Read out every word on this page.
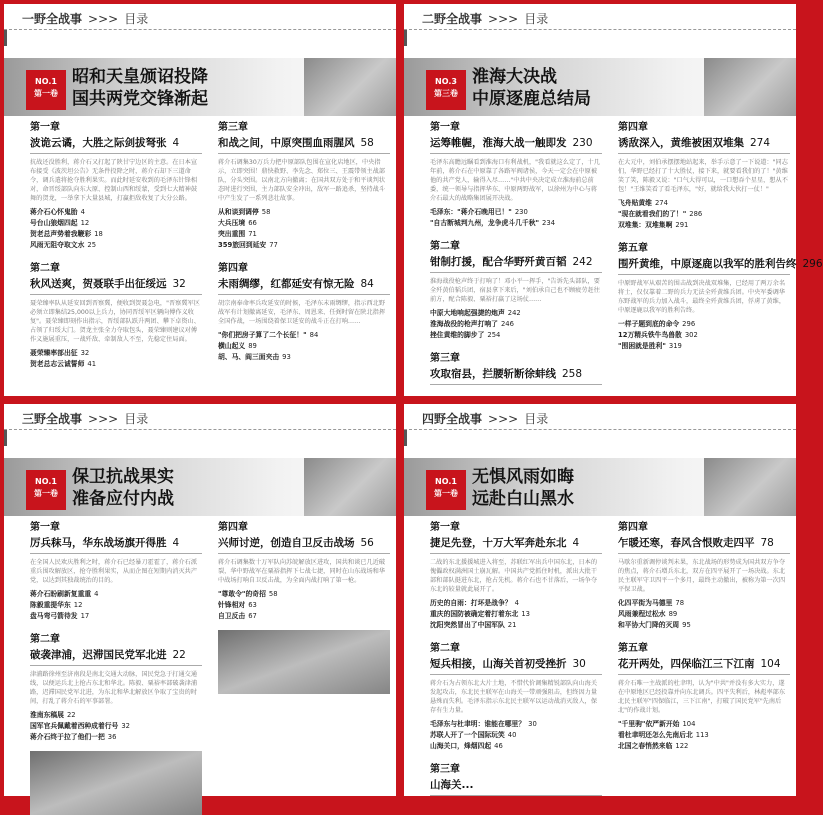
一野全战事 >>> 目录
NO.1
第一卷
昭和天皇颁诏投降
国共两党交锋渐起
第一章
波诡云谲，大胜之际剑拔弩张 4
抗战还没胜利，蒋介石又打起了陕甘宁边区的主意。在日本宣布接受《波茨坦公告》无条件投降之时，蒋介石却下三道命令，调兵遣将抢夺胜利果实。而此时延安收到的毛泽东针锋相对，命晋绥部队向东大原、控制山西和绥蒙，受到七大精神鼓舞的贺龙，一举拿下大量县城，打赢拒敌收复了大分公路。
蒋介石心怀鬼胎 4
号台山狼烟四起 12
贺老总声势着我鞭彩 18
风雨无阻夺取文水 25
第二章
秋风送爽，贺聂联手出征绥远 32
聂荣臻率队从延安回到晋察冀，便收到贺聂急电，"晋察冀军区必须立即集结25,000以上兵力，协同晋绥军区辆向傅作义收复"。聂荣臻即刻作出指示，晋绥部队跃升两团、攀下卓资山、占领了归绥大门。贺龙主张全力夺取包头，聂荣臻则建议对傅作义施展重压，一战歼敌、牵制敌人不至，先稳定住局面。
聂荣臻率部出征 32
贺老总志云诚誓师 41
第三章
和战之间，中原突围血雨腥风 58
蒋介石调集30万兵力把中原部队包围在宣化店地区，中央指示，立即突围！鼎快救野、李先念、郑位三、王震带领主战部队，分头突围。以南北方向撤离；在国共双方处于和平谈判状态时进行突围，主力部队安全冲出，敌军一路追杀，坚持战斗中产生发了一系列悲壮故事。
从和谈到调停 58
大兵压境 66
突出重围 71
359旅回到延安 77
第四章
未雨绸缪，红都延安有惊无险 84
胡宗南奉命率兵攻延安的时候，毛泽东未雨绸缪，指示西北野战军有计划撤离延安，毛泽东、周恩来、任弼时留在陕北指挥全国作战，一场围绕着保卫延安的战斗正在打响……
"你们把房子算了二个长征！" 84
横山起义 89
胡、马、阎三面夹击 93
二野全战事 >>> 目录
NO.3
第三卷
淮海大决战
中原逐鹿总结局
第一章
运筹帷幄，淮海大战一触即发 230
毛泽东高瞻远瞩看到淮海口有利战机，"我看就这么定了，十几年前，蒋介石在中原靠了各路军阀诸侯，今天一定会在中原被他的共产党人，输得入尽……"中共中央决定成立淮海前总前委，统一领导与指挥华东、中原两野战军，以徐州为中心与蒋介石最大的战略集团展开决战。
毛泽东："蒋介石晚用已！" 230
"自古断城判九州，龙争虎斗几千秋" 234
第二章
钳制打援，配合华野歼黄百韬 242
淮海战役枪声终于打响了！邓小平一挥手，"告诉先头部队，要全歼黄伯韬兵团，宿县拿下来后，"刘伯承自己也不顾疲劳赶往前方，配合陈毅、粟裕打赢了这场仗……
中原大地响起强捷的炮声 242
淮海战役的枪声打响了 246
挫住黄维的脚步了 254
第三章
攻取宿县，拦腰斩断徐蚌线 258
第四章
诱敌深入，黄维被困双堆集 274
在大元中，刘伯承摆摆地站起来，举手示意了一下说道："同志们，华野已经打了十大胜仗，接下来，就要看我们的了！"黄维笑了笑，陈毅又说："口气大得可以，一口想吞个星星，想从不包！"王维笑看了看毛泽东，"好，就给我大伙打一仗！"
飞舟贴黄维 274
"现在就看我们的了！" 286
双堆集：双堆集啊 291
第五章
围歼黄维，中原逐鹿以我军的胜利告终 296
中原野战军从艰苦的围击战到决战双堆集，已经用了两万余名将士，仅仅靠着二野的兵力无法全歼黄维兵团。中央军委调华东野战军的兵力加入战斗，最终全歼黄维兵团，俘虏了黄维，中原逐鹿以我军的胜利告终。
一样子题到底的命令 296
12万精兵铁牛鸟兽散 302
"围困就是胜利" 319
三野全战事 >>> 目录
NO.1
第一卷
保卫抗战果实
准备应付内战
第一章
厉兵秣马，华东战场旗开得胜 4
在全国人民欢庆胜利之时，蒋介石已经暴刀霍霍了，蒋介石派重兵围攻解放区，抢夺胜利果实，从而企图在短期内消灭共产党，以达到其独裁统治的目的。
蒋介石盼刷新复重重 4
陈毅重提华东 12
盘马弯弓箭待发 17
第二章
破袭津浦，迟滞国民党军北进 22
津浦路徐州至济南段是南北交通大动脉，国民党急于打通交通线，以便运兵北上抢占东北和华北。陈毅、粟裕率部破袭津浦路，迟滞国民党军北进，为东北和华北解放区争取了宝贵的时间，打乱了蒋介石的军事部署。
淮南东稿展 22
国军官兵佩戴着西种成着行号 32
蒋介石终于拉了他们一把 36
第四章
兴师讨逆，创造自卫反击战场 56
蒋介石调集数十万军队向苏皖解放区进攻，国共和谈已几近破裂，华中野战军在粟裕指挥下七战七捷，同时在山东战场和华中战场打响自卫反击战，为全面内战打响了第一枪。
"尊敢令"的奇招 58
针锋相对 63
自卫反击 67
四野全战事 >>> 目录
NO.1
第一卷
无惧风雨如晦
远赴白山黑水
第一章
捷足先登，十万大军奔赴东北 4
二战的东北援援城进入将至，苏联红军出兵中国东北，日本的傀儡政权满洲国土崩瓦解。中国共产党抓住时机，派出大批干部和部队挺进东北，抢占先机。蒋介石也不甘落后，一场争夺东北的较量就此展开了。
历史的自雨：打坏是战争？ 4
重庆的国防被确定着打着东北 13
沈阳突然冒出了中国军队 21
第二章
短兵相接，山海关首初受挫折 30
蒋介石为占领东北大片土地，不惜代价调集精锐部队向山海关发起攻击，东北民主联军在山海关一带顽强阻击，但终因力量悬殊而失利。毛泽东指示东北民主联军以运动战消灭敌人，保存有生力量。
毛泽东与杜聿明：谁能在哪里？ 30
苏联人开了一个国际玩笑 40
山海关口，烽烟四起 46
第三章
山海关...
第四章
乍暖还寒，春风含恨败走四平 78
马歇尔重新调停谈判未果，东北战场的形势成为国共双方争夺的焦点，蒋介石增兵东北，双方在四平展开了一场决战。东北民主联军守卫四平一个多月，最终主动撤出，被称为第一次四平保卫战。
化四平街为马德里 78
风雨兼程过松水 89
和平协大门降的灭周 95
第五章
花开两处，四保临江三下江南 104
蒋介石唯一主战派的杜聿明，认为"中共"并没有多大实力，遂在中原地区已经投靠并向东北调兵。四平失利后，林彪率部东北民主联军"四保临江，三下江南"，打破了国民党军"先南后北"的作战计划。
"千里驹"依严新开始 104
看杜聿明还怎么先南后北 113
北国之春悄然来临 122
